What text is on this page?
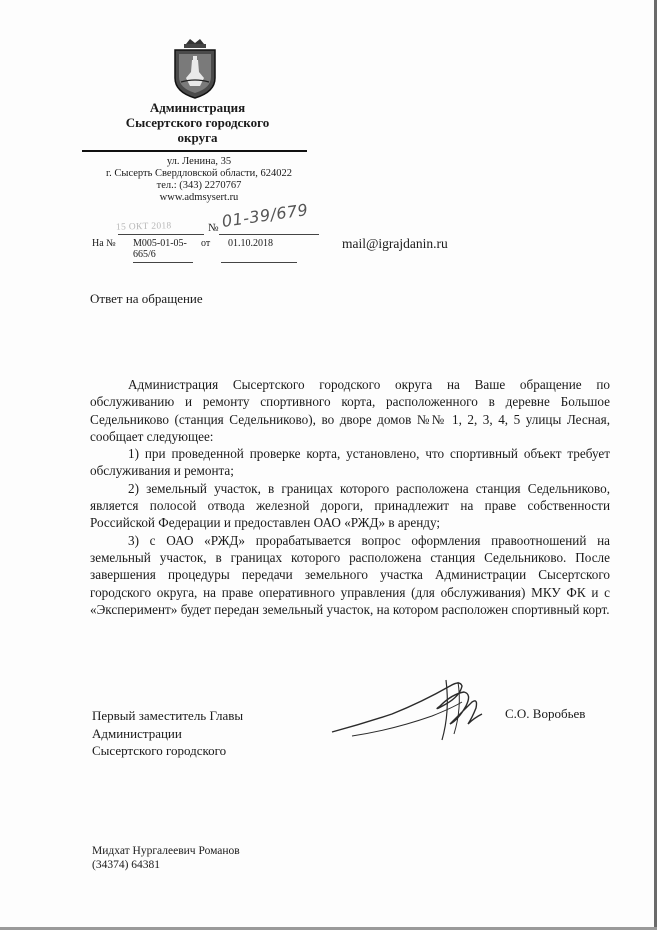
Администрация
Сысертского городского
округа
ул. Ленина, 35
г. Сысерть Свердловской области, 624022
тел.: (343) 2270767
www.admsysert.ru
15 ОКТ 2018	№ 01-39/679
На № М005-01-05-665/6
от 01.10.2018	mail@igrajdanin.ru
Ответ на обращение

Администрация Сысертского городского округа на Ваше обращение по обслуживанию и ремонту спортивного корта, расположенного в деревне Большое Седельниково (станция Седельниково), во дворе домов №№ 1, 2, 3, 4, 5 улицы Лесная, сообщает следующее:

1) при проведенной проверке корта, установлено, что спортивный объект требует обслуживания и ремонта;

2) земельный участок, в границах которого расположена станция Седельниково, является полосой отвода железной дороги, принадлежит на праве собственности Российской Федерации и предоставлен ОАО «РЖД» в аренду;

3) с ОАО «РЖД» прорабатывается вопрос оформления правоотношений на земельный участок, в границах которого расположена станция Седельниково. После завершения процедуры передачи земельного участка Администрации Сысертского городского округа, на праве оперативного управления (для обслуживания) МКУ ФК и с «Эксперимент» будет передан земельный участок, на котором расположен спортивный корт.

Первый заместитель Главы
Администрации
Сысертского городского
С.О. Воробьев
Мидхат Нургалеевич Романов
(34374) 64381
